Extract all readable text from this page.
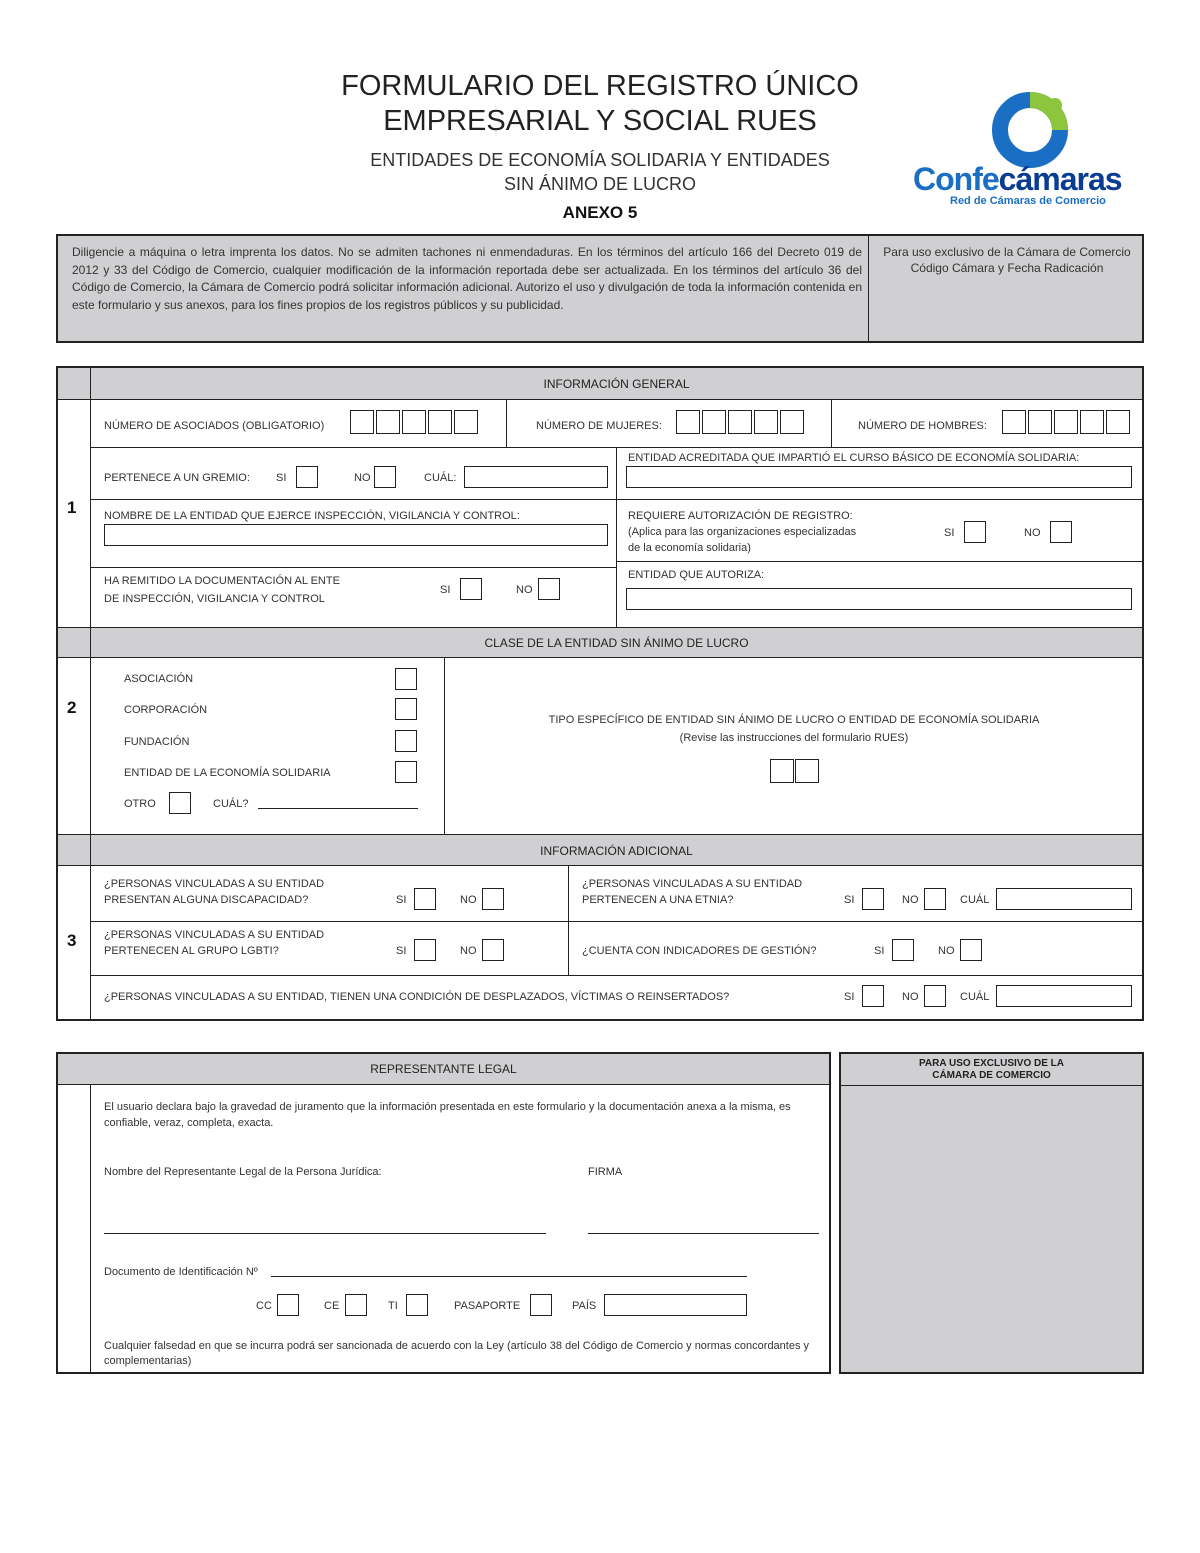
FORMULARIO DEL REGISTRO ÚNICO
EMPRESARIAL Y SOCIAL RUES
ENTIDADES DE ECONOMÍA SOLIDARIA Y ENTIDADES
SIN ÁNIMO DE LUCRO
ANEXO 5
Confecámaras
Red de Cámaras de Comercio
Diligencie a máquina o letra imprenta los datos. No se admiten tachones ni enmendaduras. En los términos del artículo 166 del Decreto 019 de 2012 y 33 del Código de Comercio, cualquier modificación de la información reportada debe ser actualizada. En los términos del artículo 36 del Código de Comercio, la Cámara de Comercio podrá solicitar información adicional. Autorizo el uso y divulgación de toda la información contenida en este formulario y sus anexos, para los fines propios de los registros públicos y su publicidad.
Para uso exclusivo de la Cámara de Comercio
Código Cámara y Fecha Radicación
INFORMACIÓN GENERAL
1
NÚMERO DE ASOCIADOS (OBLIGATORIO)	NÚMERO DE MUJERES:	NÚMERO DE HOMBRES:
PERTENECE A UN GREMIO: SI	NO	CUÁL:
ENTIDAD ACREDITADA QUE IMPARTIÓ EL CURSO BÁSICO DE ECONOMÍA SOLIDARIA:
NOMBRE DE LA ENTIDAD QUE EJERCE INSPECCIÓN, VIGILANCIA Y CONTROL:	REQUIERE AUTORIZACIÓN DE REGISTRO:
(Aplica para las organizaciones especializadas
de la economía solidaria)
SI	NO
HA REMITIDO LA DOCUMENTACIÓN AL ENTE
DE INSPECCIÓN, VIGILANCIA Y CONTROL
SI	NO
ENTIDAD QUE AUTORIZA:
CLASE DE LA ENTIDAD SIN ÁNIMO DE LUCRO
2
ASOCIACIÓN
CORPORACIÓN
FUNDACIÓN
ENTIDAD DE LA ECONOMÍA SOLIDARIA
OTRO	CUÁL?
TIPO ESPECÍFICO DE ENTIDAD SIN ÁNIMO DE LUCRO O ENTIDAD DE ECONOMÍA SOLIDARIA
(Revise las instrucciones del formulario RUES)
INFORMACIÓN ADICIONAL
3
¿PERSONAS VINCULADAS A SU ENTIDAD
PRESENTAN ALGUNA DISCAPACIDAD?	SI	NO
¿PERSONAS VINCULADAS A SU ENTIDAD
PERTENECEN A UNA ETNIA?	SI	NO	CUÁL
¿PERSONAS VINCULADAS A SU ENTIDAD
PERTENECEN AL GRUPO LGBTI?	SI	NO	¿CUENTA CON INDICADORES DE GESTIÓN?	SI	NO
¿PERSONAS VINCULADAS A SU ENTIDAD, TIENEN UNA CONDICIÓN DE DESPLAZADOS, VÍCTIMAS O REINSERTADOS?	SI	NO	CUÁL
REPRESENTANTE LEGAL
El usuario declara bajo la gravedad de juramento que la información presentada en este formulario y la documentación anexa a la misma, es confiable, veraz, completa, exacta.
Nombre del Representante Legal de la Persona Jurídica:	FIRMA
Documento de Identificación Nº
CC	CE	TI	PASAPORTE	PAÍS
Cualquier falsedad en que se incurra podrá ser sancionada de acuerdo con la Ley (artículo 38 del Código de Comercio y normas concordantes y complementarias)
PARA USO EXCLUSIVO DE LA
CÁMARA DE COMERCIO
